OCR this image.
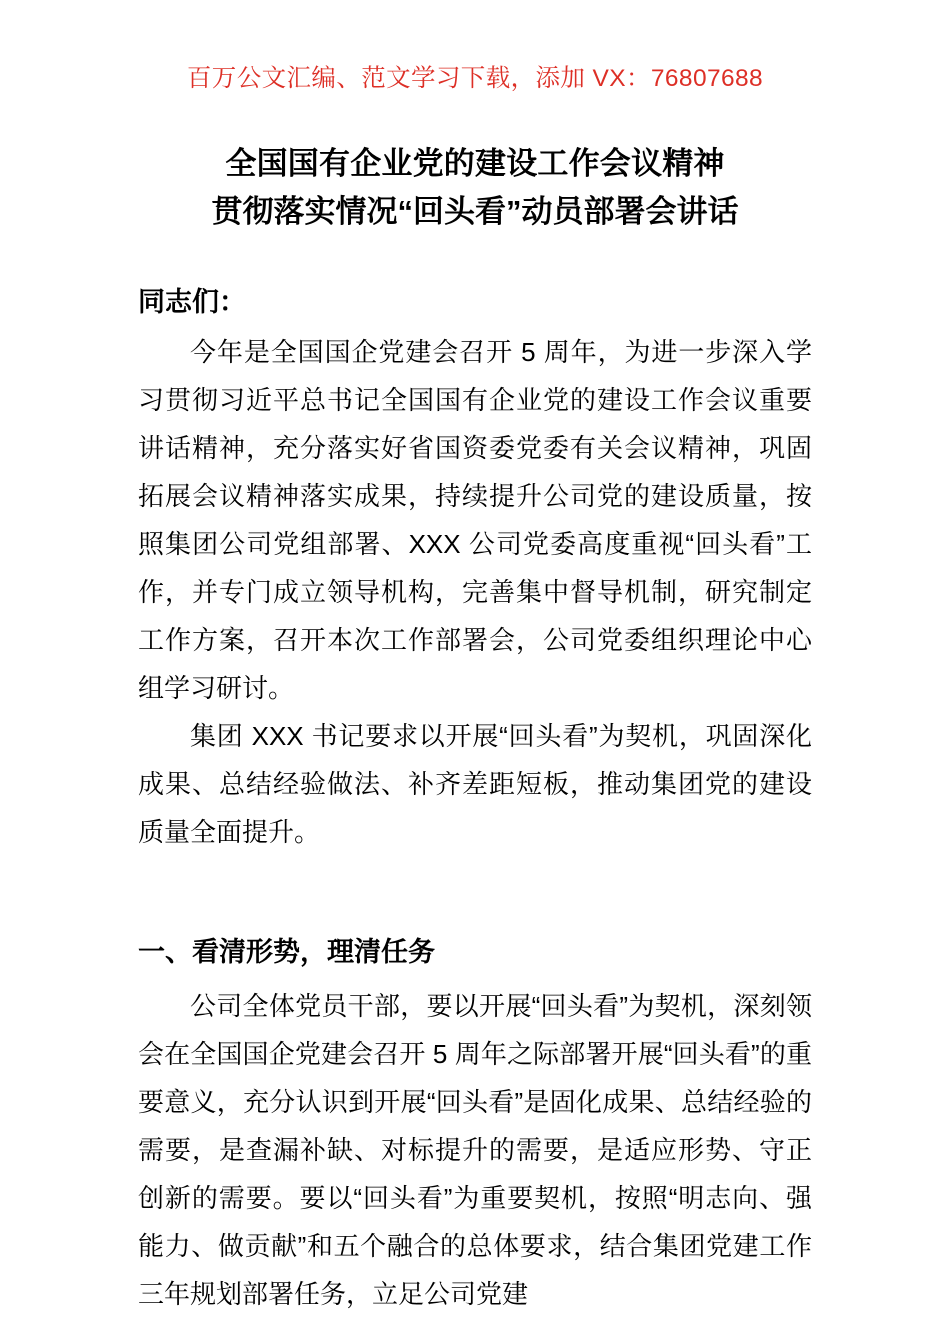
百万公文汇编、范文学习下载，添加 VX：76807688
全国国有企业党的建设工作会议精神
贯彻落实情况“回头看”动员部署会讲话

同志们：

今年是全国国企党建会召开 5 周年，为进一步深入学习贯彻习近平总书记全国国有企业党的建设工作会议重要讲话精神，充分落实好省国资委党委有关会议精神，巩固拓展会议精神落实成果，持续提升公司党的建设质量，按照集团公司党组部署、XXX 公司党委高度重视“回头看”工作，并专门成立领导机构，完善集中督导机制，研究制定工作方案，召开本次工作部署会，公司党委组织理论中心组学习研讨。

集团 XXX 书记要求以开展“回头看”为契机，巩固深化成果、总结经验做法、补齐差距短板，推动集团党的建设质量全面提升。

一、看清形势，理清任务

公司全体党员干部，要以开展“回头看”为契机，深刻领会在全国国企党建会召开 5 周年之际部署开展“回头看”的重要意义，充分认识到开展“回头看”是固化成果、总结经验的需要，是查漏补缺、对标提升的需要，是适应形势、守正创新的需要。要以“回头看”为重要契机，按照“明志向、强能力、做贡献”和五个融合的总体要求，结合集团党建工作三年规划部署任务，立足公司党建
